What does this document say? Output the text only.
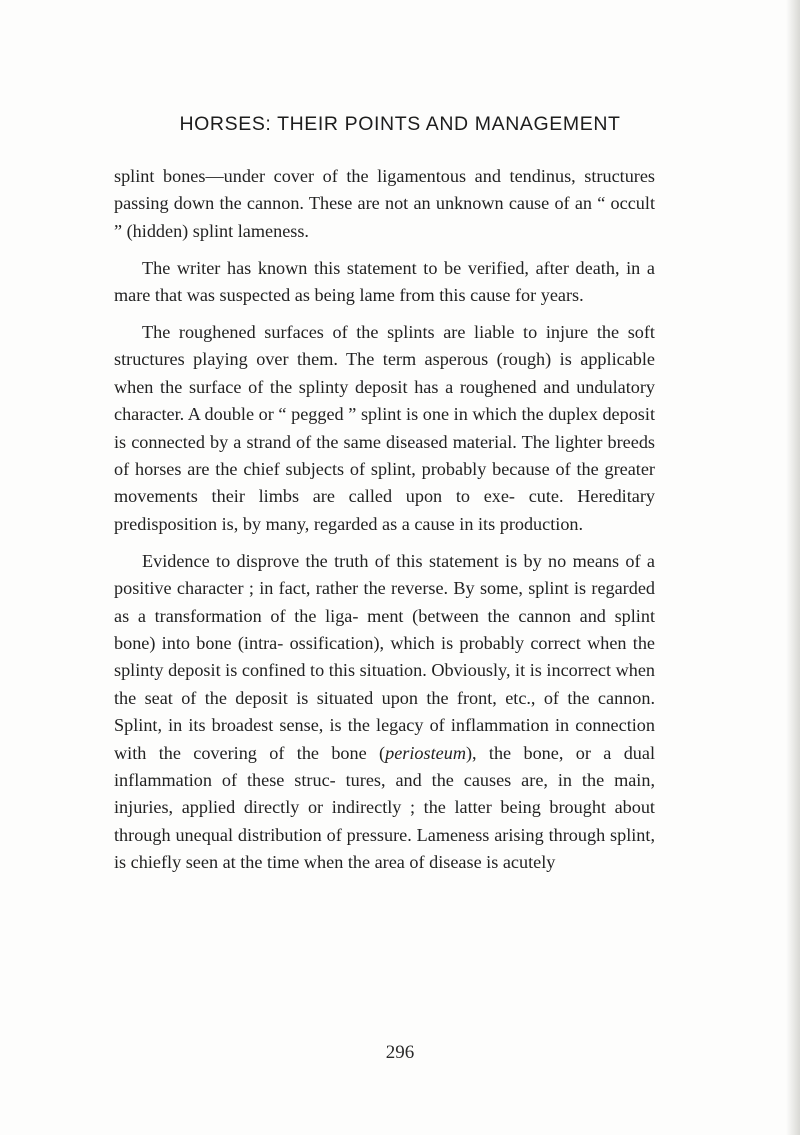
HORSES: THEIR POINTS AND MANAGEMENT

splint bones—under cover of the ligamentous and tendinus, structures passing down the cannon. These are not an unknown cause of an “ occult ” (hidden) splint lameness.

The writer has known this statement to be verified, after death, in a mare that was suspected as being lame from this cause for years.

The roughened surfaces of the splints are liable to injure the soft structures playing over them. The term asperous (rough) is applicable when the surface of the splinty deposit has a roughened and undulatory character. A double or “ pegged ” splint is one in which the duplex deposit is connected by a strand of the same diseased material. The lighter breeds of horses are the chief subjects of splint, probably because of the greater movements their limbs are called upon to exe- cute. Hereditary predisposition is, by many, regarded as a cause in its production.

Evidence to disprove the truth of this statement is by no means of a positive character ; in fact, rather the reverse. By some, splint is regarded as a transformation of the liga- ment (between the cannon and splint bone) into bone (intra- ossification), which is probably correct when the splinty deposit is confined to this situation. Obviously, it is incorrect when the seat of the deposit is situated upon the front, etc., of the cannon. Splint, in its broadest sense, is the legacy of inflammation in connection with the covering of the bone (periosteum), the bone, or a dual inflammation of these struc- tures, and the causes are, in the main, injuries, applied directly or indirectly ; the latter being brought about through unequal distribution of pressure. Lameness arising through splint, is chiefly seen at the time when the area of disease is acutely

296
